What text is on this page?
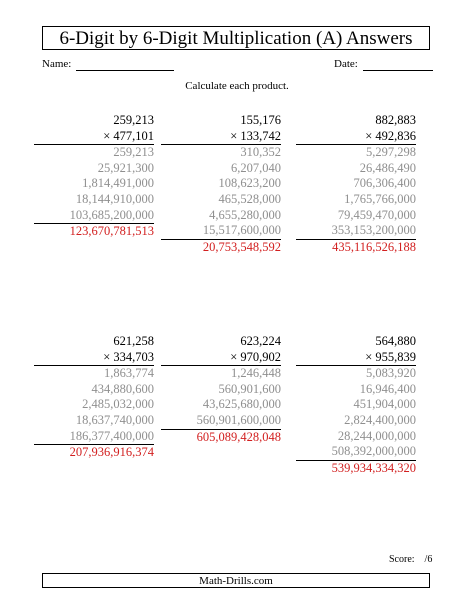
6-Digit by 6-Digit Multiplication (A) Answers
Name:	Date:
Calculate each product.
259,213
× 477,101
259,213
25,921,300
1,814,491,000
18,144,910,000
103,685,200,000
123,670,781,513
155,176
× 133,742
310,352
6,207,040
108,623,200
465,528,000
4,655,280,000
15,517,600,000
20,753,548,592
882,883
× 492,836
5,297,298
26,486,490
706,306,400
1,765,766,000
79,459,470,000
353,153,200,000
435,116,526,188
621,258
× 334,703
1,863,774
434,880,600
2,485,032,000
18,637,740,000
186,377,400,000
207,936,916,374
623,224
× 970,902
1,246,448
560,901,600
43,625,680,000
560,901,600,000
605,089,428,048
564,880
× 955,839
5,083,920
16,946,400
451,904,000
2,824,400,000
28,244,000,000
508,392,000,000
539,934,334,320
Score: /6
Math-Drills.com
